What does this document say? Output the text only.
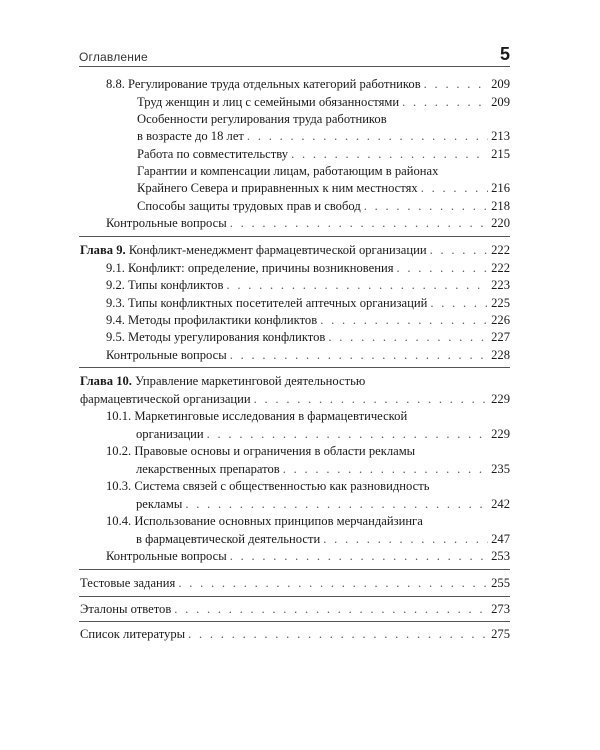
Оглавление	5
8.8. Регулирование труда отдельных категорий работников . . .	209
Труд женщин и лиц с семейными обязанностями . . .	209
Особенности регулирования труда работников
в возрасте до 18 лет . . .	213
Работа по совместительству . . .	215
Гарантии и компенсации лицам, работающим в районах
Крайнего Севера и приравненных к ним местностях . . .	216
Способы защиты трудовых прав и свобод . . .	218
Контрольные вопросы . . .	220
Глава 9. Конфликт-менеджмент фармацевтической организации . . .	222
9.1. Конфликт: определение, причины возникновения . . .	222
9.2. Типы конфликтов . . .	223
9.3. Типы конфликтных посетителей аптечных организаций . . .	225
9.4. Методы профилактики конфликтов . . .	226
9.5. Методы урегулирования конфликтов . . .	227
Контрольные вопросы . . .	228
Глава 10. Управление маркетинговой деятельностью
фармацевтической организации . . .	229
10.1. Маркетинговые исследования в фармацевтической
организации . . .	229
10.2. Правовые основы и ограничения в области рекламы
лекарственных препаратов . . .	235
10.3. Система связей с общественностью как разновидность
рекламы . . .	242
10.4. Использование основных принципов мерчандайзинга
в фармацевтической деятельности . . .	247
Контрольные вопросы . . .	253
Тестовые задания . . .	255
Эталоны ответов . . .	273
Список литературы . . .	275
